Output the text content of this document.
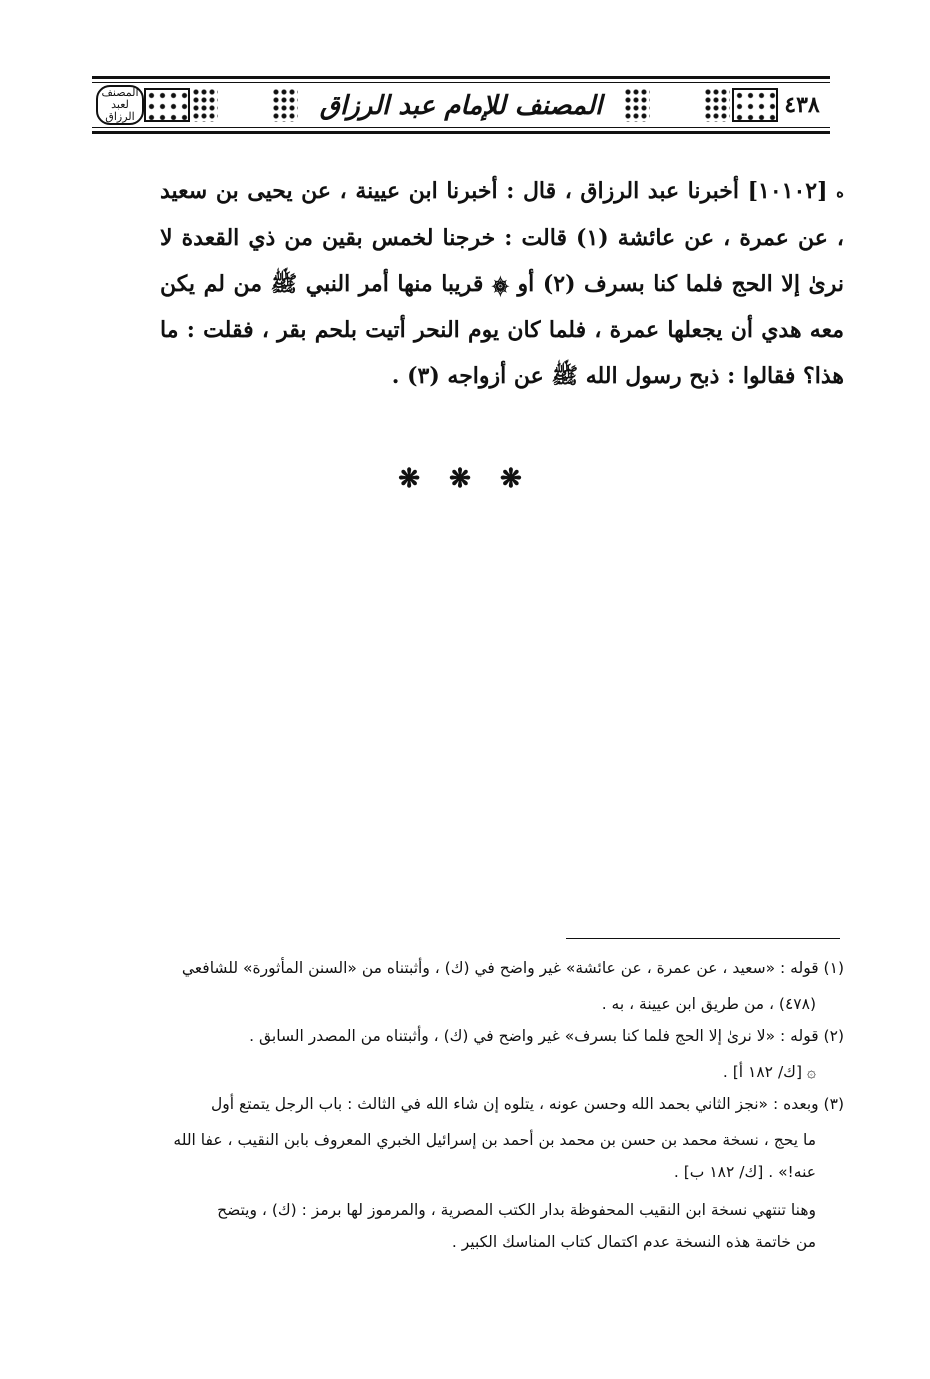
المصنف لعبد الرزاق	المصنف للإمام عبد الرزاق	٤٣٨

ه [١٠١٠٢] أخبرنا عبد الرزاق ، قال : أخبرنا ابن عيينة ، عن يحيى بن سعيد ، عن عمرة ، عن عائشة (١) قالت : خرجنا لخمس بقين من ذي القعدة لا نرىٰ إلا الحج فلما كنا بسرف (٢) أو ۞ قريبا منها أمر النبي ﷺ من لم يكن معه هدي أن يجعلها عمرة ، فلما كان يوم النحر أتيت بلحم بقر ، فقلت : ما هذا؟ فقالوا : ذبح رسول الله ﷺ عن أزواجه (٣) .

❋ ❋ ❋

(١) قوله : «سعيد ، عن عمرة ، عن عائشة» غير واضح في (ك) ، وأثبتناه من «السنن المأثورة» للشافعي

(٤٧٨) ، من طريق ابن عيينة ، به .

(٢) قوله : «لا نرىٰ إلا الحج فلما كنا بسرف» غير واضح في (ك) ، وأثبتناه من المصدر السابق .

۞ [ك/ ١٨٢ أ] .

(٣) وبعده : «نجز الثاني بحمد الله وحسن عونه ، يتلوه إن شاء الله في الثالث : باب الرجل يتمتع أول

ما يحج ، نسخة محمد بن حسن بن محمد بن أحمد بن إسرائيل الخبري المعروف بابن النقيب ، عفا الله

عنه!» . [ك/ ١٨٢ ب] .

وهنا تنتهي نسخة ابن النقيب المحفوظة بدار الكتب المصرية ، والمرموز لها برمز : (ك) ، ويتضح

من خاتمة هذه النسخة عدم اكتمال كتاب المناسك الكبير .
